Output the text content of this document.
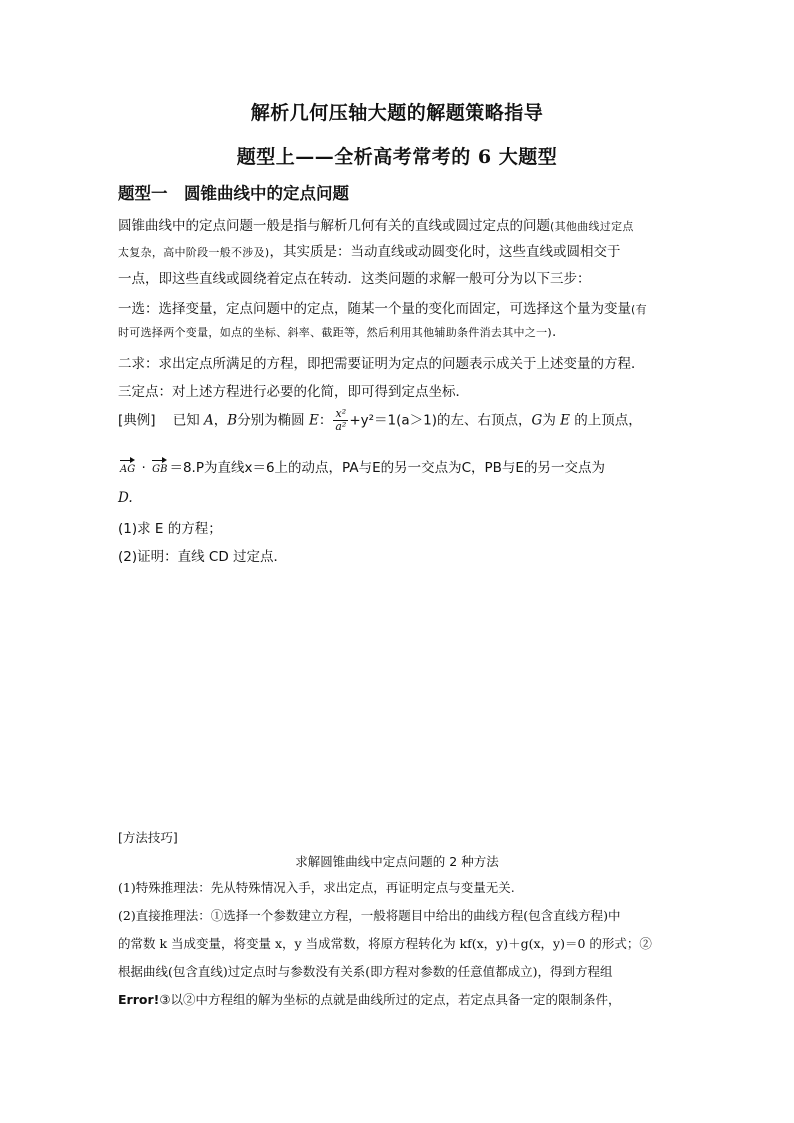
解析几何压轴大题的解题策略指导
题型上——全析高考常考的 6 大题型
题型一　圆锥曲线中的定点问题
圆锥曲线中的定点问题一般是指与解析几何有关的直线或圆过定点的问题(其他曲线过定点
太复杂，高中阶段一般不涉及)，其实质是：当动直线或动圆变化时，这些直线或圆相交于
一点，即这些直线或圆绕着定点在转动．这类问题的求解一般可分为以下三步：
一选：选择变量，定点问题中的定点，随某一个量的变化而固定，可选择这个量为变量(有
时可选择两个变量，如点的坐标、斜率、截距等，然后利用其他辅助条件消去其中之一).
二求：求出定点所满足的方程，即把需要证明为定点的问题表示成关于上述变量的方程．
三定点：对上述方程进行必要的化简，即可得到定点坐标．
[典例] 已知 A，B分别为椭圆 E： $\frac{\text{x²}}{\text{a²}} +y^2=1(a>1)$的左、右顶点，G为 E 的上顶点，
AG · GB ＝8.P为直线x＝6上的动点，PA与E的另一交点为C，PB与E的另一交点为
D.
(1)求 E 的方程；
(2)证明：直线 CD 过定点．
[方法技巧]
求解圆锥曲线中定点问题的 2 种方法
(1)特殊推理法：先从特殊情况入手，求出定点，再证明定点与变量无关.
(2)直接推理法：①选择一个参数建立方程，一般将题目中给出的曲线方程(包含直线方程)中
的常数 k 当成变量，将变量 x，y 当成常数，将原方程转化为 kf(x，y)＋g(x，y)＝0 的形式；②
根据曲线(包含直线)过定点时与参数没有关系(即方程对参数的任意值都成立)，得到方程组
Error!③以②中方程组的解为坐标的点就是曲线所过的定点，若定点具备一定的限制条件，
